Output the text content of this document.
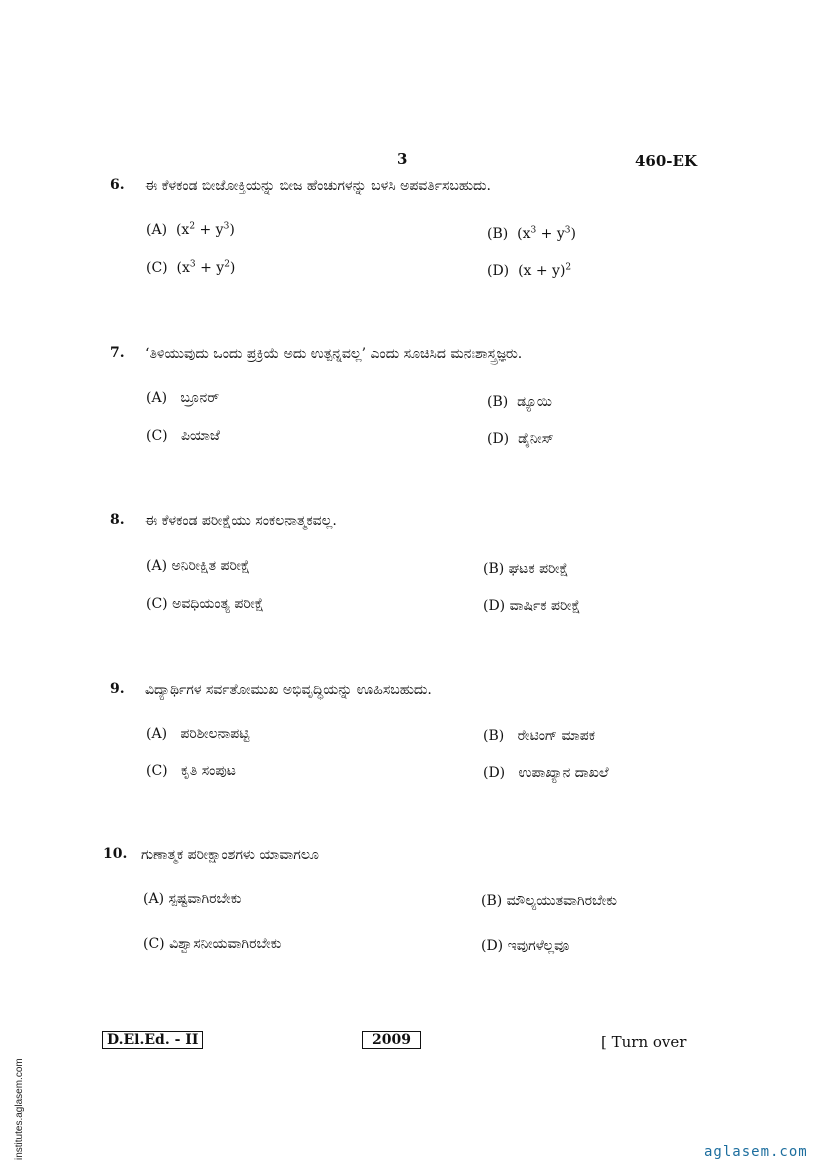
3	460-EK
6. ಈ ಕೆಳಕಂಡ ಬೀಜೋಕ್ತಿಯನ್ನು ಬೀಜ ಹೆಂಚುಗಳನ್ನು ಬಳಸಿ ಅಪವರ್ತಿಸಬಹುದು.
(A) $(x^2 + y^3)$	(B) $(x^3 + y^3)$
(C) $(x^3 + y^2)$	(D) $(x + y)^2$
7. ‘ತಿಳಿಯುವುದು ಒಂದು ಪ್ರಕ್ರಿಯೆ ಅದು ಉತ್ಪನ್ನವಲ್ಲ’ ಎಂದು ಸೂಚಿಸಿದ ಮನಃಶಾಸ್ತ್ರಜ್ಞರು.
(A) ಬ್ರೂನರ್	(B) ಡ್ಯೂಯಿ
(C) ಪಿಯಾಜೆ	(D) ಡೈನೀಸ್
8. ಈ ಕೆಳಕಂಡ ಪರೀಕ್ಷೆಯು ಸಂಕಲನಾತ್ಮಕವಲ್ಲ.
(A) ಅನಿರೀಕ್ಷಿತ ಪರೀಕ್ಷೆ	(B) ಘಟಕ ಪರೀಕ್ಷೆ
(C) ಅವಧಿಯಂತ್ಯ ಪರೀಕ್ಷೆ	(D) ವಾರ್ಷಿಕ ಪರೀಕ್ಷೆ
9. ವಿದ್ಯಾರ್ಥಿಗಳ ಸರ್ವತೋಮುಖ ಅಭಿವೃದ್ಧಿಯನ್ನು ಊಹಿಸಬಹುದು.
(A) ಪರಿಶೀಲನಾಪಟ್ಟಿ	(B) ರೇಟಿಂಗ್ ಮಾಪಕ
(C) ಕೃತಿ ಸಂಪುಟ	(D) ಉಪಾಖ್ಯಾನ ದಾಖಲೆ
10. ಗುಣಾತ್ಮಕ ಪರೀಕ್ಷಾಂಶಗಳು ಯಾವಾಗಲೂ
(A) ಸ್ಪಷ್ಟವಾಗಿರಬೇಕು	(B) ಮೌಲ್ಯಯುತವಾಗಿರಬೇಕು
(C) ವಿಶ್ವಾಸನೀಯವಾಗಿರಬೇಕು	(D) ಇವುಗಳೆಲ್ಲವೂ
D.El.Ed. - II	2009	[ Turn over
institutes.aglasem.com	aglasem.com
